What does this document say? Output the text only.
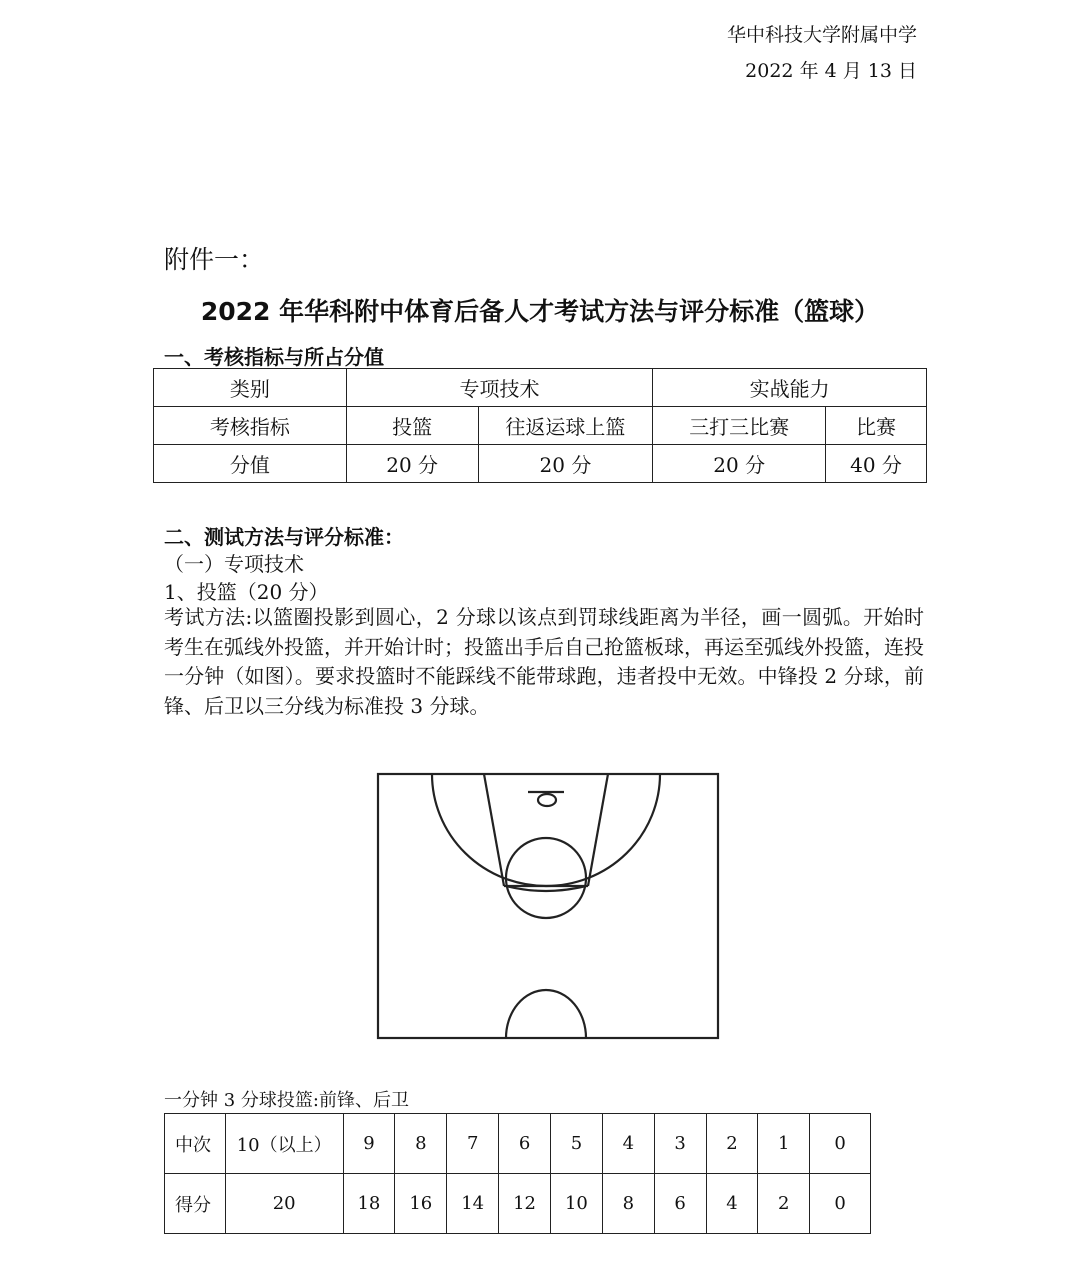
华中科技大学附属中学
2022 年 4 月 13 日
附件一：
2022 年华科附中体育后备人才考试方法与评分标准（篮球）
一、考核指标与所占分值
类别	专项技术		实战能力	
考核指标	投篮	往返运球上篮	三打三比赛	比赛
分值	20 分	20 分	20 分	40 分
二、测试方法与评分标准：
（一）专项技术
1、投篮（20 分）
考试方法:以篮圈投影到圆心，2 分球以该点到罚球线距离为半径，画一圆弧。开始时考生在弧线外投篮，并开始计时；投篮出手后自己抢篮板球，再运至弧线外投篮，连投一分钟（如图）。要求投篮时不能踩线不能带球跑，违者投中无效。中锋投 2 分球，前锋、后卫以三分线为标准投 3 分球。
一分钟 3 分球投篮:前锋、后卫
中次	10（以上）	9	8	7	6	5	4	3	2	1	0
得分	20	18	16	14	12	10	8	6	4	2	0
